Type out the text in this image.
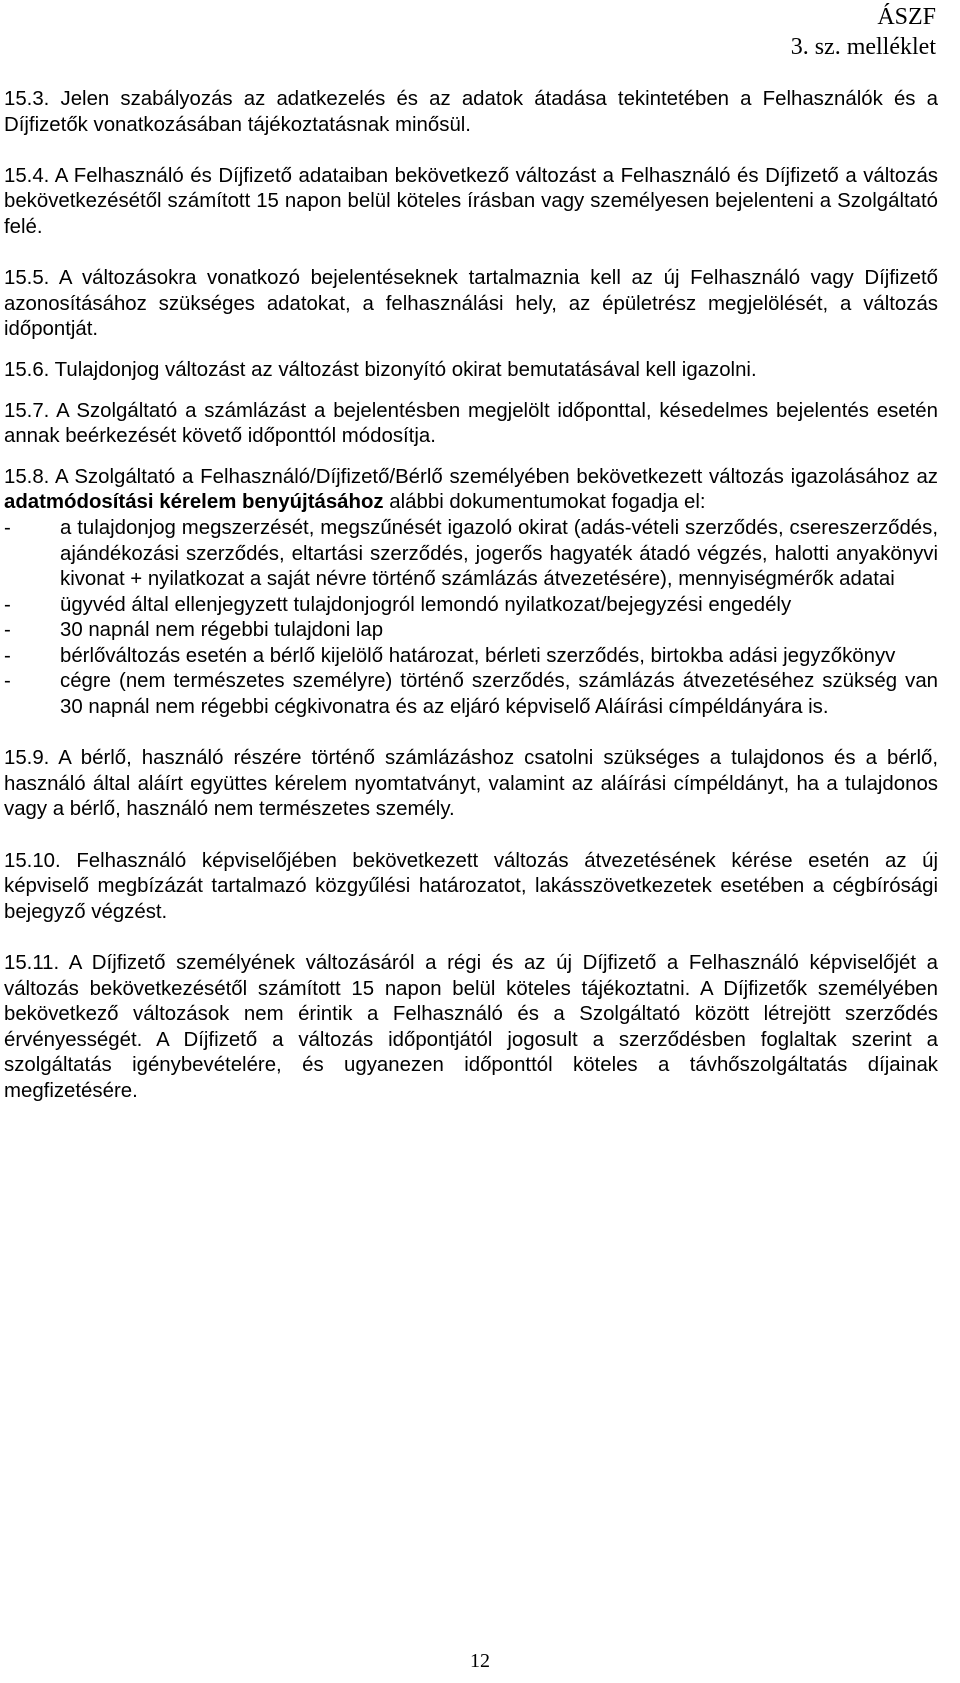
ÁSZF
3. sz. melléklet

15.3. Jelen szabályozás az adatkezelés és az adatok átadása tekintetében a Felhasználók és a Díjfizetők vonatkozásában tájékoztatásnak minősül.

15.4. A Felhasználó és Díjfizető adataiban bekövetkező változást a Felhasználó és Díjfizető a változás bekövetkezésétől számított 15 napon belül köteles írásban vagy személyesen bejelenteni a Szolgáltató felé.

15.5. A változásokra vonatkozó bejelentéseknek tartalmaznia kell az új Felhasználó vagy Díjfizető azonosításához szükséges adatokat, a felhasználási hely, az épületrész megjelölését, a változás időpontját.

15.6. Tulajdonjog változást az változást bizonyító okirat bemutatásával kell igazolni.

15.7. A Szolgáltató a számlázást a bejelentésben megjelölt időponttal, késedelmes bejelentés esetén annak beérkezését követő időponttól módosítja.

15.8. A Szolgáltató a Felhasználó/Díjfizető/Bérlő személyében bekövetkezett változás igazolásához az adatmódosítási kérelem benyújtásához alábbi dokumentumokat fogadja el:

- a tulajdonjog megszerzését, megszűnését igazoló okirat (adás-vételi szerződés, csereszerződés, ajándékozási szerződés, eltartási szerződés, jogerős hagyaték átadó végzés, halotti anyakönyvi kivonat + nyilatkozat a saját névre történő számlázás átvezetésére), mennyiségmérők adatai
- ügyvéd által ellenjegyzett tulajdonjogról lemondó nyilatkozat/bejegyzési engedély
- 30 napnál nem régebbi tulajdoni lap
- bérlőváltozás esetén a bérlő kijelölő határozat, bérleti szerződés, birtokba adási jegyzőkönyv
- cégre (nem természetes személyre) történő szerződés, számlázás átvezetéséhez szükség van 30 napnál nem régebbi cégkivonatra és az eljáró képviselő Aláírási címpéldányára is.

15.9. A bérlő, használó részére történő számlázáshoz csatolni szükséges a tulajdonos és a bérlő, használó által aláírt együttes kérelem nyomtatványt, valamint az aláírási címpéldányt, ha a tulajdonos vagy a bérlő, használó nem természetes személy.

15.10. Felhasználó képviselőjében bekövetkezett változás átvezetésének kérése esetén az új képviselő megbízázát tartalmazó közgyűlési határozatot, lakásszövetkezetek esetében a cégbírósági bejegyző végzést.

15.11. A Díjfizető személyének változásáról a régi és az új Díjfizető a Felhasználó képviselőjét a változás bekövetkezésétől számított 15 napon belül köteles tájékoztatni. A Díjfizetők személyében bekövetkező változások nem érintik a Felhasználó és a Szolgáltató között létrejött szerződés érvényességét. A Díjfizető a változás időpontjától jogosult a szerződésben foglaltak szerint a szolgáltatás igénybevételére, és ugyanezen időponttól köteles a távhőszolgáltatás díjainak megfizetésére.

12
